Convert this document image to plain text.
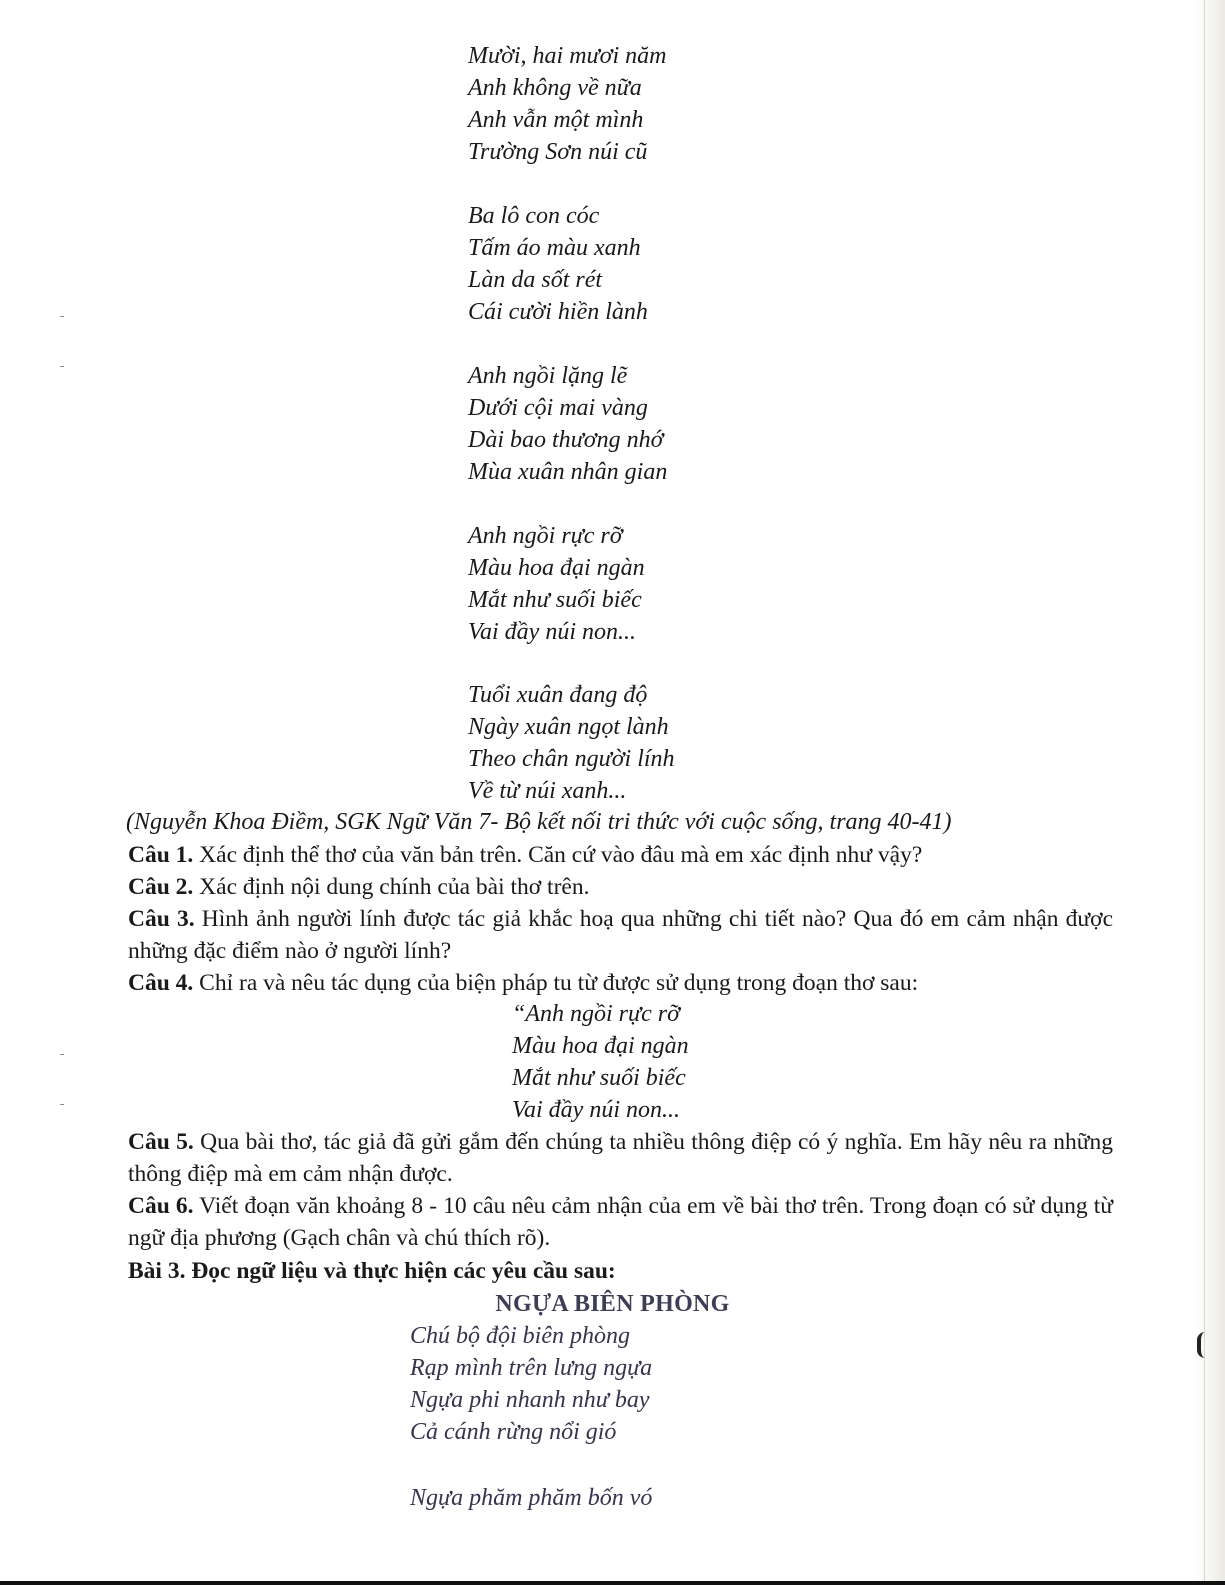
Mười, hai mươi năm
Anh không về nữa
Anh vẫn một mình
Trường Sơn núi cũ
Ba lô con cóc
Tấm áo màu xanh
Làn da sốt rét
Cái cười hiền lành
Anh ngồi lặng lẽ
Dưới cội mai vàng
Dài bao thương nhớ
Mùa xuân nhân gian
Anh ngồi rực rỡ
Màu hoa đại ngàn
Mắt như suối biếc
Vai đầy núi non...
Tuổi xuân đang độ
Ngày xuân ngọt lành
Theo chân người lính
Về từ núi xanh...
(Nguyễn Khoa Điềm, SGK Ngữ Văn 7- Bộ kết nối tri thức với cuộc sống, trang 40-41)
Câu 1. Xác định thể thơ của văn bản trên. Căn cứ vào đâu mà em xác định như vậy?
Câu 2. Xác định nội dung chính của bài thơ trên.
Câu 3. Hình ảnh người lính được tác giả khắc hoạ qua những chi tiết nào? Qua đó em cảm nhận được những đặc điểm nào ở người lính?
Câu 4. Chỉ ra và nêu tác dụng của biện pháp tu từ được sử dụng trong đoạn thơ sau:
“Anh ngồi rực rỡ
Màu hoa đại ngàn
Mắt như suối biếc
Vai đầy núi non...
Câu 5. Qua bài thơ, tác giả đã gửi gắm đến chúng ta nhiều thông điệp có ý nghĩa. Em hãy nêu ra những thông điệp mà em cảm nhận được.
Câu 6. Viết đoạn văn khoảng 8 - 10 câu nêu cảm nhận của em về bài thơ trên. Trong đoạn có sử dụng từ ngữ địa phương (Gạch chân và chú thích rõ).
Bài 3. Đọc ngữ liệu và thực hiện các yêu cầu sau:
NGỰA BIÊN PHÒNG
Chú bộ đội biên phòng
Rạp mình trên lưng ngựa
Ngựa phi nhanh như bay
Cả cánh rừng nổi gió
Ngựa phăm phăm bốn vó
